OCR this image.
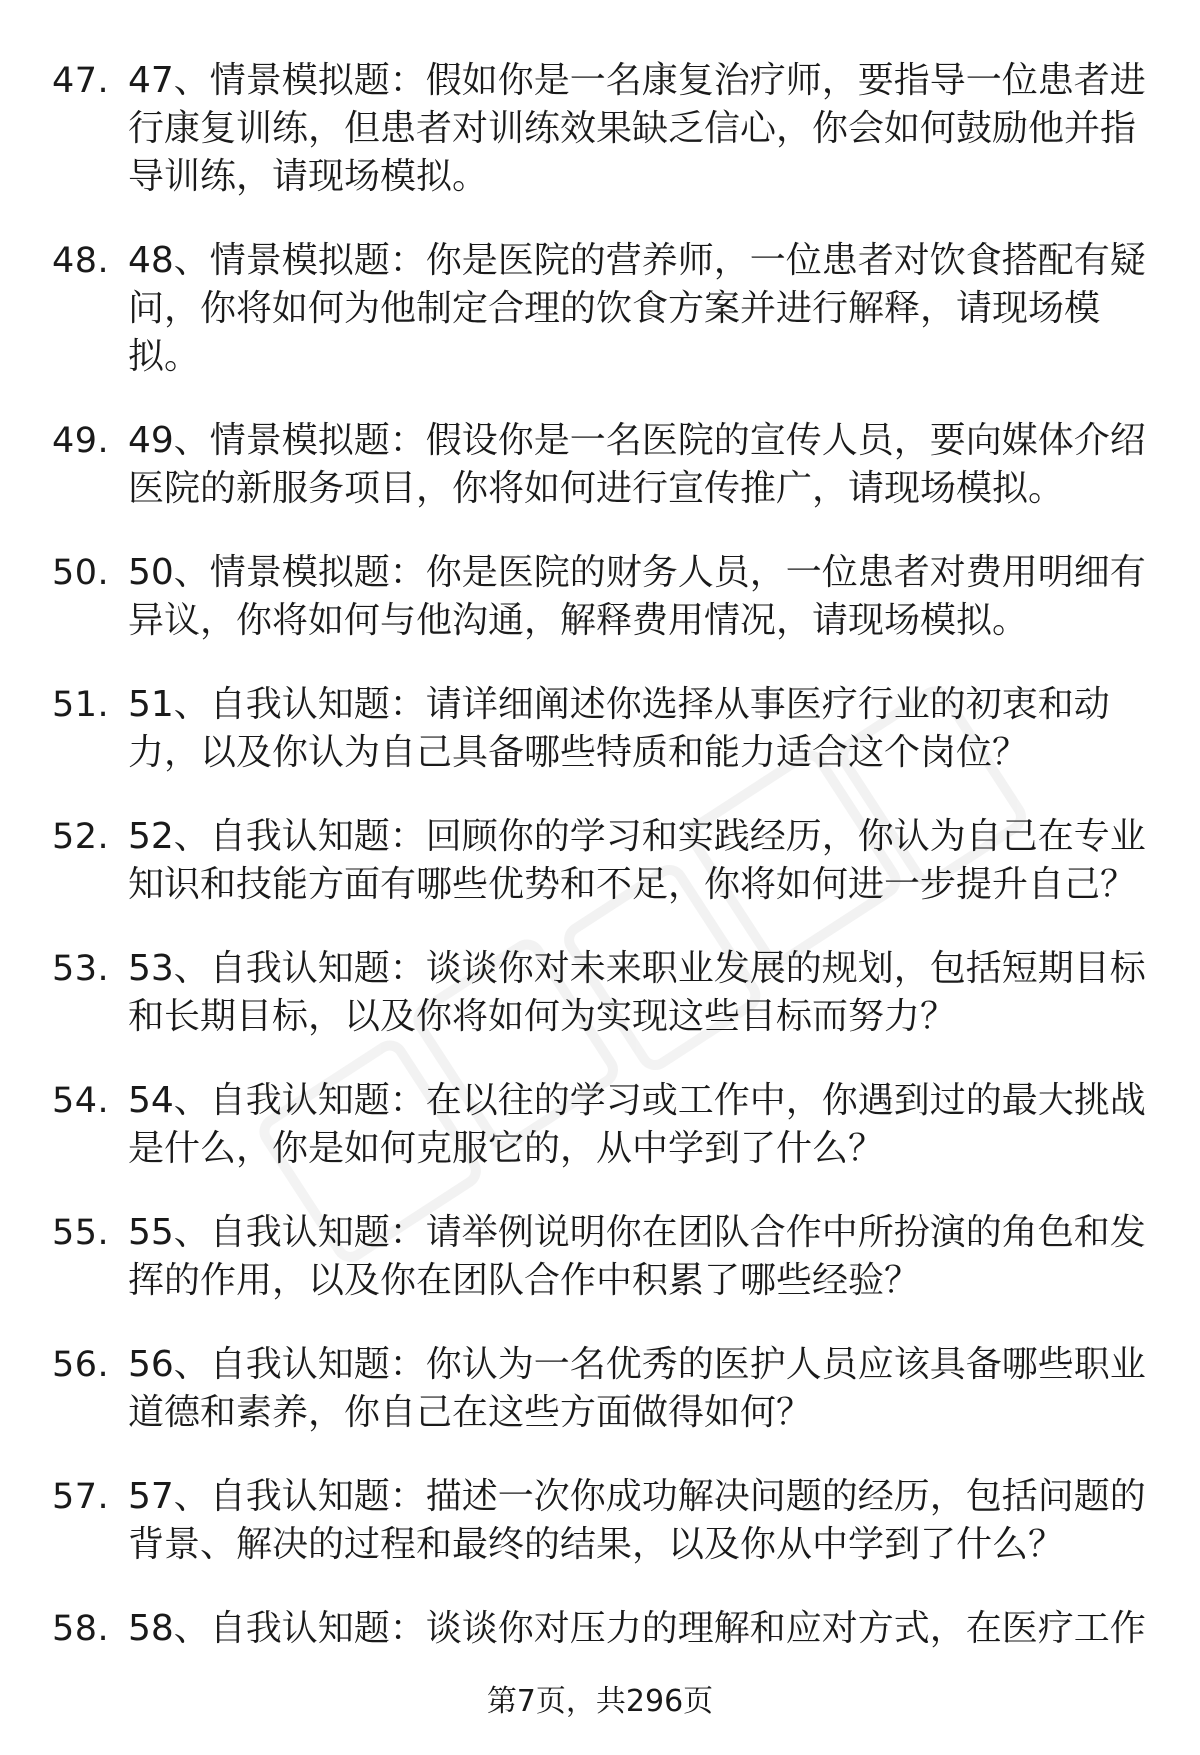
47. 47、情景模拟题：假如你是一名康复治疗师，要指导一位患者进行康复训练，但患者对训练效果缺乏信心，你会如何鼓励他并指导训练，请现场模拟。
48. 48、情景模拟题：你是医院的营养师，一位患者对饮食搭配有疑问，你将如何为他制定合理的饮食方案并进行解释，请现场模拟。
49. 49、情景模拟题：假设你是一名医院的宣传人员，要向媒体介绍医院的新服务项目，你将如何进行宣传推广，请现场模拟。
50. 50、情景模拟题：你是医院的财务人员，一位患者对费用明细有异议，你将如何与他沟通，解释费用情况，请现场模拟。
51. 51、自我认知题：请详细阐述你选择从事医疗行业的初衷和动力，以及你认为自己具备哪些特质和能力适合这个岗位？
52. 52、自我认知题：回顾你的学习和实践经历，你认为自己在专业知识和技能方面有哪些优势和不足，你将如何进一步提升自己？
53. 53、自我认知题：谈谈你对未来职业发展的规划，包括短期目标和长期目标，以及你将如何为实现这些目标而努力？
54. 54、自我认知题：在以往的学习或工作中，你遇到过的最大挑战是什么，你是如何克服它的，从中学到了什么？
55. 55、自我认知题：请举例说明你在团队合作中所扮演的角色和发挥的作用，以及你在团队合作中积累了哪些经验？
56. 56、自我认知题：你认为一名优秀的医护人员应该具备哪些职业道德和素养，你自己在这些方面做得如何？
57. 57、自我认知题：描述一次你成功解决问题的经历，包括问题的背景、解决的过程和最终的结果，以及你从中学到了什么？
58. 58、自我认知题：谈谈你对压力的理解和应对方式，在医疗工作
第7页，共296页
